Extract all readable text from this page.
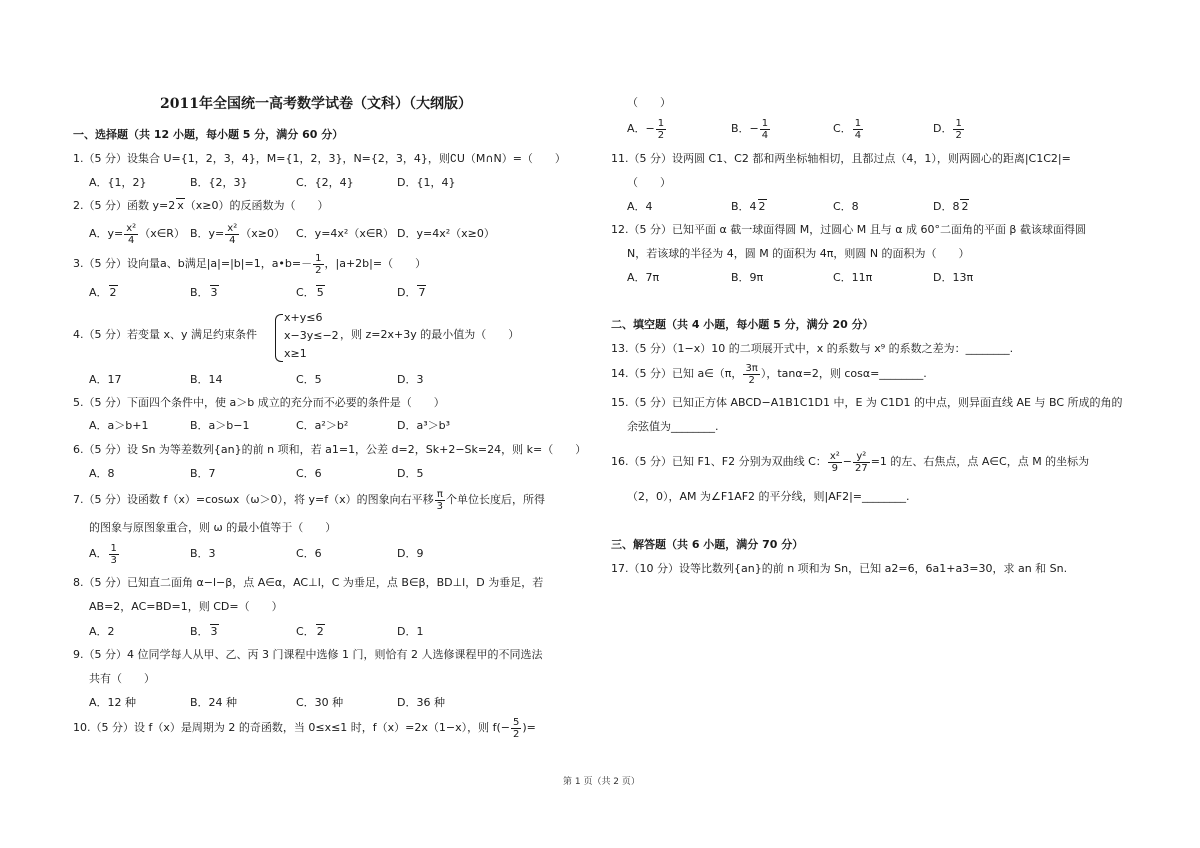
2011年全国统一高考数学试卷（文科）（大纲版）
一、选择题（共 12 小题，每小题 5 分，满分 60 分）
1.（5 分）设集合 U={1，2，3，4}，M={1，2，3}，N={2，3，4}，则∁U（M∩N）=（　　）
A．{1，2}	B．{2，3}	C．{2，4}	D．{1，4}
2.（5 分）函数 y=2 x（x≥0）的反函数为（　　）
A．$y= \frac{\text{x²}}{4}$ （x∈R） B．$y= \frac{\text{x²}}{4} (x\ge 0)$ C．y=4x²（x∈R） D．y=4x²（x≥0）
3.（5 分）设向量a、b满足|a|=|b|=1，a•b=－ $\frac{1}{2}$ ，|a+2b|=（　　）
A． 2	B． 3	C． 5	D． 7
4.（5 分）若变量 x、y 满足约束条件
x+y≤6
x−3y≤−2
x≥1
，则 z=2x+3y 的最小值为（　　）
A．17	B．14	C．5	D．3
5.（5 分）下面四个条件中，使 a＞b 成立的充分而不必要的条件是（　　）
A．a＞b+1	B．a＞b−1	C．a²＞b²	D．a³＞b³
6.（5 分）设 Sn 为等差数列{an}的前 n 项和，若 a1=1，公差 d=2，Sk+2−Sk=24，则 k=（　　）
A．8	B．7	C．6	D．5
7.（5 分）设函数 f（x）=cosωx（ω＞0），将 y=f（x）的图象向右平移 $\frac{\pi}{3}$ 个单位长度后，所得
的图象与原图象重合，则 ω 的最小值等于（　　）
A． $\frac{1}{3}$	B．3	C．6	D．9
8.（5 分）已知直二面角 α−l−β，点 A∈α，AC⊥l，C 为垂足，点 B∈β，BD⊥l，D 为垂足，若
AB=2，AC=BD=1，则 CD=（　　）
A．2	B． 3	C． 2	D．1
9.（5 分）4 位同学每人从甲、乙、丙 3 门课程中选修 1 门，则恰有 2 人选修课程甲的不同选法
共有（　　）
A．12 种	B．24 种	C．30 种	D．36 种
10.（5 分）设 f（x）是周期为 2 的奇函数，当 0≤x≤1 时，f（x）=2x（1−x），则 $f(- \frac{5}{2}$ )=
（　　）
A．− $\frac{1}{2}$	B．− $\frac{1}{4}$	C． $\frac{1}{4}$	D． $\frac{1}{2}$
11.（5 分）设两圆 C1、C2 都和两坐标轴相切，且都过点（4，1），则两圆心的距离|C1C2|=
（　　）
A．4	B．4 2	C．8	D．8 2
12.（5 分）已知平面 α 截一球面得圆 M，过圆心 M 且与 α 成 60°二面角的平面 β 截该球面得圆
N，若该球的半径为 4，圆 M 的面积为 4π，则圆 N 的面积为（　　）
A．7π	B．9π	C．11π	D．13π
二、填空题（共 4 小题，每小题 5 分，满分 20 分）
13.（5 分）（1−x）10 的二项展开式中，x 的系数与 x⁹ 的系数之差为：________.
14.（5 分）已知 a∈（π， $\frac{3\pi}{2}$ ），tanα=2，则 cosα=________.
15.（5 分）已知正方体 ABCD−A1B1C1D1 中，E 为 C1D1 的中点，则异面直线 AE 与 BC 所成的角的
余弦值为________.
16.（5 分）已知 F1、F2 分别为双曲线 C： $\frac{\text{x²}}{9} - \frac{\text{y²}}{27} =1$ 的左、右焦点，点 A∈C，点 M 的坐标为
（2，0），AM 为∠F1AF2 的平分线，则|AF2|=________.
三、解答题（共 6 小题，满分 70 分）
17.（10 分）设等比数列{an}的前 n 项和为 Sn，已知 a2=6，6a1+a3=30，求 an 和 Sn.
第 1 页（共 2 页）
